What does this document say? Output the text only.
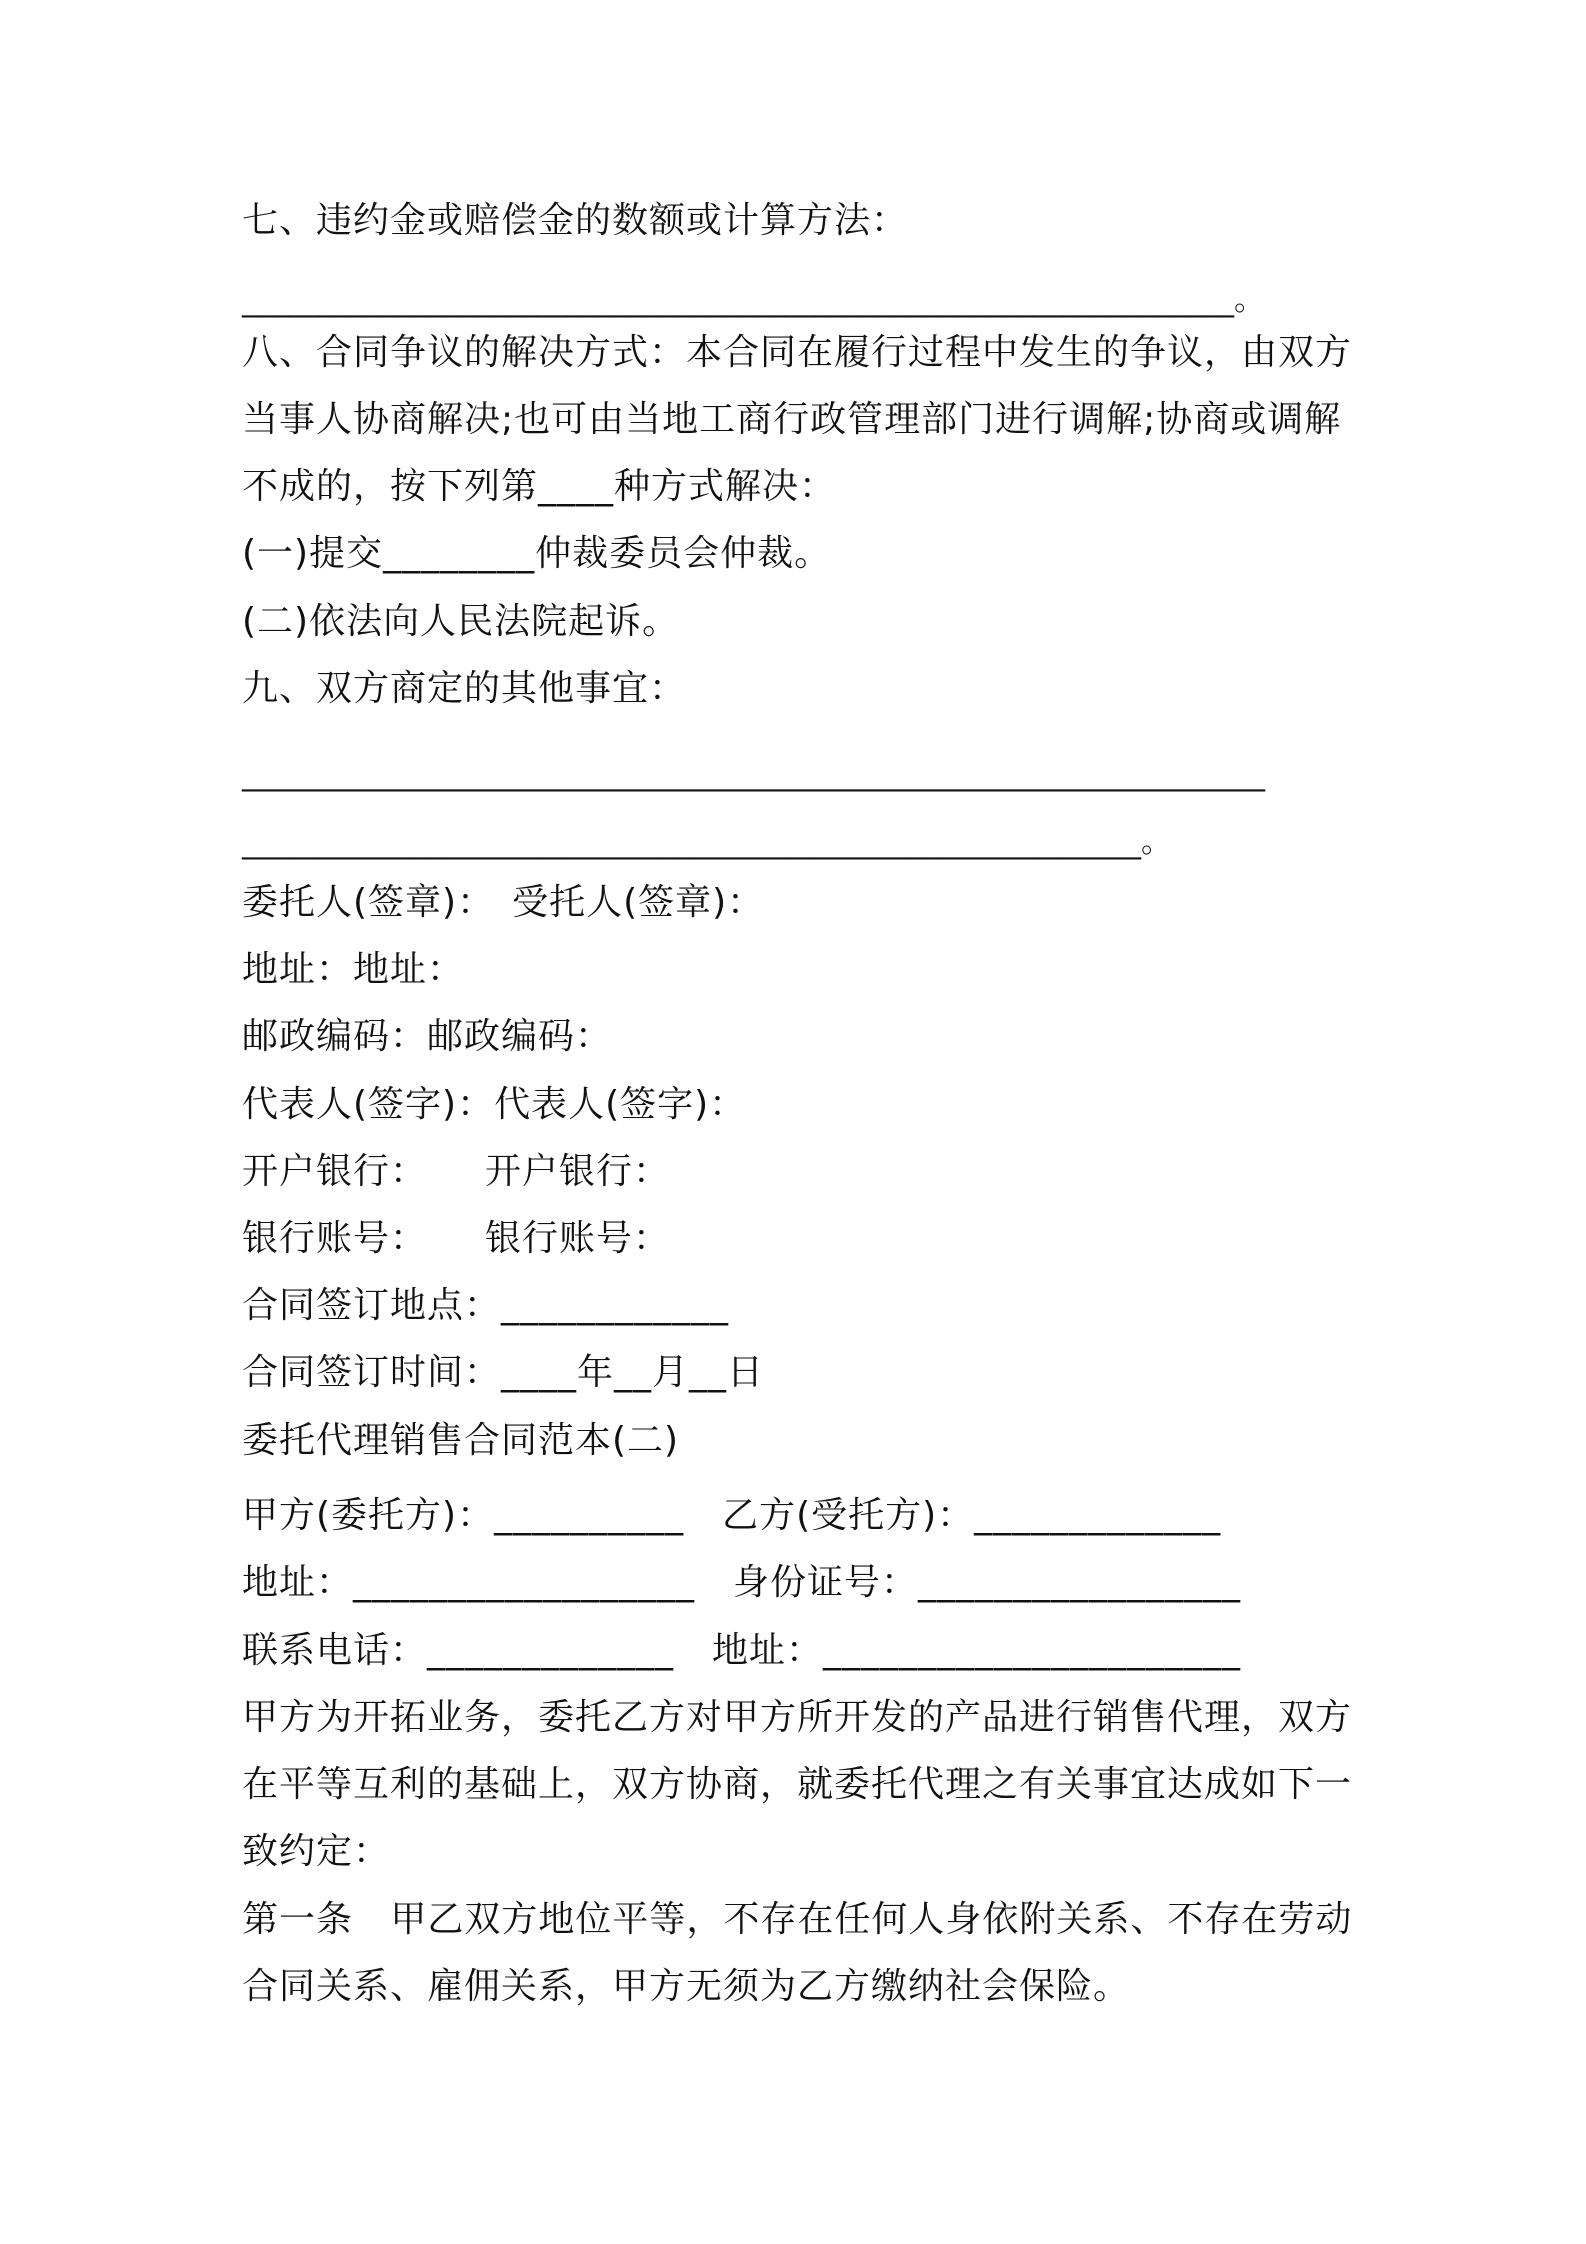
七、违约金或赔偿金的数额或计算方法：
________________________________________________________________。
八、合同争议的解决方式：本合同在履行过程中发生的争议，由双方
当事人协商解决;也可由当地工商行政管理部门进行调解;协商或调解
不成的，按下列第____种方式解决：
(一)提交________仲裁委员会仲裁。
(二)依法向人民法院起诉。
九、双方商定的其他事宜：
__________________________________________________________________
__________________________________________________________。
委托人(签章)： 受托人(签章)：
地址：地址：
邮政编码：邮政编码：
代表人(签字)：代表人(签字)：
开户银行： 开户银行：
银行账号： 银行账号：
合同签订地点：____________
合同签订时间：____年__月__日
委托代理销售合同范本(二)
甲方(委托方)：__________ 乙方(受托方)：_____________
地址：__________________ 身份证号：_________________
联系电话：_____________ 地址：______________________
甲方为开拓业务，委托乙方对甲方所开发的产品进行销售代理，双方
在平等互利的基础上，双方协商，就委托代理之有关事宜达成如下一
致约定：
第一条   甲乙双方地位平等，不存在任何人身依附关系、不存在劳动
合同关系、雇佣关系，甲方无须为乙方缴纳社会保险。
